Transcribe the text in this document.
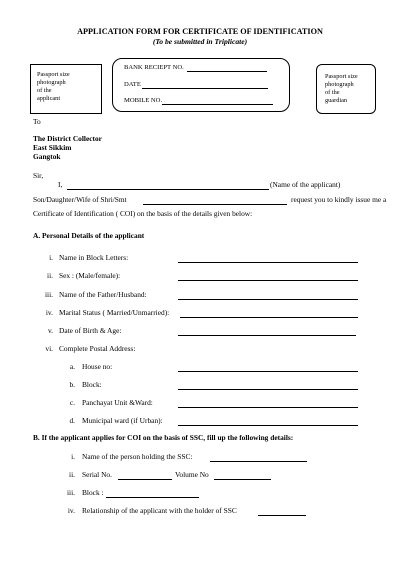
APPLICATION FORM FOR CERTIFICATE OF IDENTIFICATION
(To be submitted in Triplicate)
Passport size
photograph
of the
applicant
BANK RECIEPT NO.
DATE
MOBILE NO.
Passport size
photograph
of the
guardian
To
The District Collector
East Sikkim
Gangtok
Sir,
I,	(Name of the applicant)
Son/Daughter/Wife of Shri/Smt	request you to kindly issue me a
Certificate of Identification ( COI) on the basis of the details given below:
A. Personal Details of the applicant
i. Name in Block Letters:
ii. Sex : (Male/female):
iii. Name of the Father/Husband:
iv. Marital Status ( Married/Unmarried):
v. Date of Birth & Age:
vi. Complete Postal Address:
a. House no:
b. Block:
c. Panchayat Unit &Ward:
d. Municipal ward (if Urban):
B. If the applicant applies for COI on the basis of SSC, fill up the following details:
i. Name of the person holding the SSC:
ii. Serial No.	Volume No
iii. Block :
iv. Relationship of the applicant with the holder of SSC
